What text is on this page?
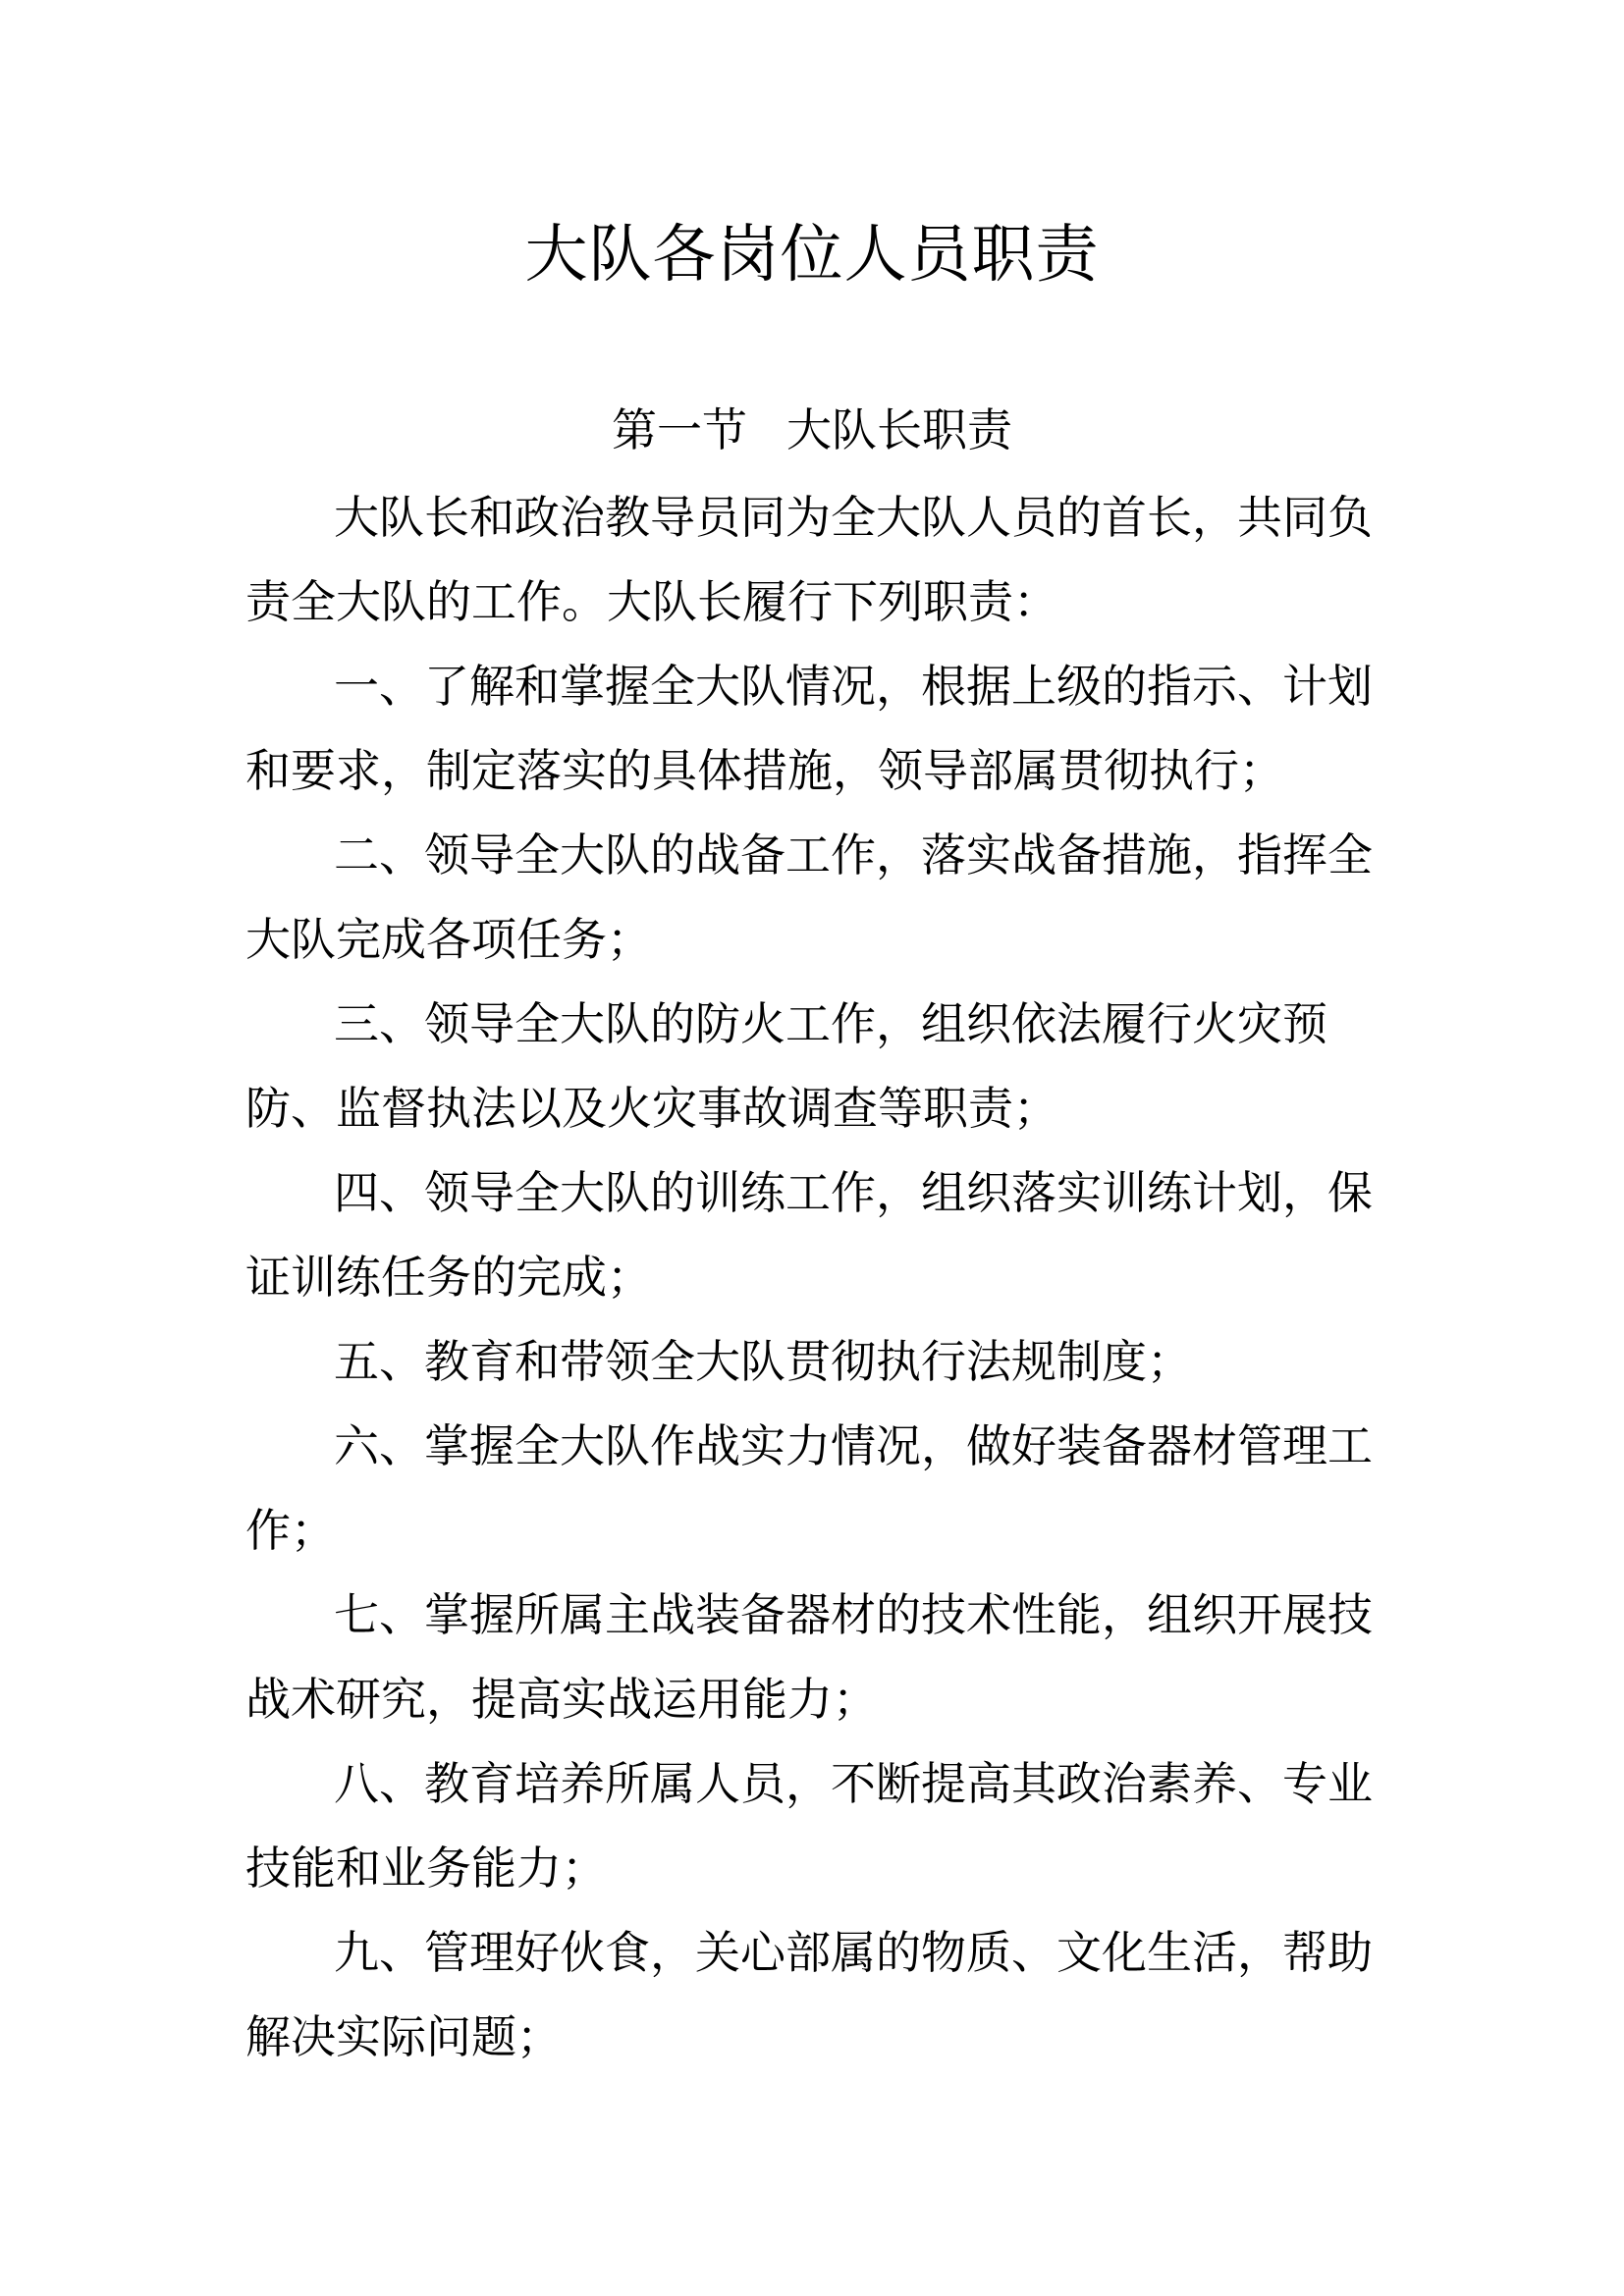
大队各岗位人员职责
第一节 大队长职责
大队长和政治教导员同为全大队人员的首长，共同负
责全大队的工作。大队长履行下列职责：
一、了解和掌握全大队情况，根据上级的指示、计划
和要求，制定落实的具体措施，领导部属贯彻执行；
二、领导全大队的战备工作，落实战备措施，指挥全
大队完成各项任务；
三、领导全大队的防火工作，组织依法履行火灾预
防、监督执法以及火灾事故调查等职责；
四、领导全大队的训练工作，组织落实训练计划，保
证训练任务的完成；
五、教育和带领全大队贯彻执行法规制度；
六、掌握全大队作战实力情况，做好装备器材管理工
作；
七、掌握所属主战装备器材的技术性能，组织开展技
战术研究，提高实战运用能力；
八、教育培养所属人员，不断提高其政治素养、专业
技能和业务能力；
九、管理好伙食，关心部属的物质、文化生活，帮助
解决实际问题；
